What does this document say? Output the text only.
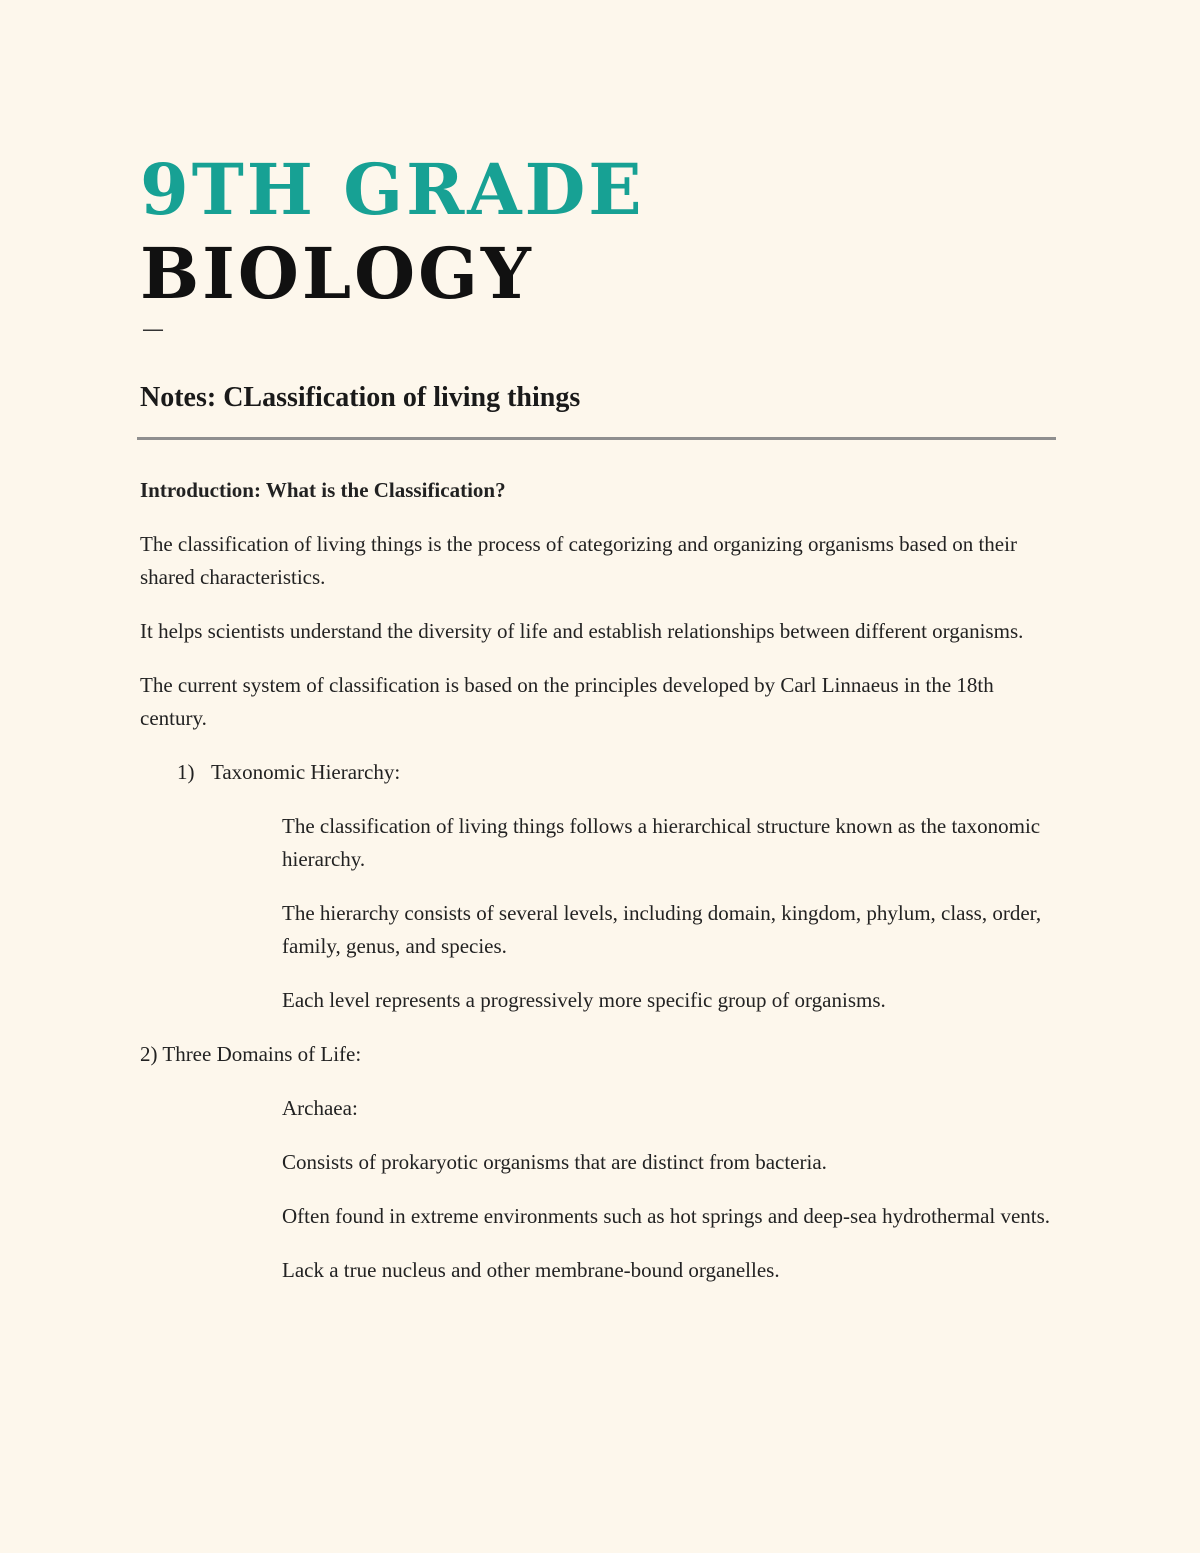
9TH GRADE
BIOLOGY
—
Notes: CLassification of living things

Introduction: What is the Classification?

The classification of living things is the process of categorizing and organizing organisms based on their shared characteristics.

It helps scientists understand the diversity of life and establish relationships between different organisms.

The current system of classification is based on the principles developed by Carl Linnaeus in the 18th century.

1) Taxonomic Hierarchy:

The classification of living things follows a hierarchical structure known as the taxonomic hierarchy.

The hierarchy consists of several levels, including domain, kingdom, phylum, class, order, family, genus, and species.

Each level represents a progressively more specific group of organisms.

2) Three Domains of Life:

Archaea:

Consists of prokaryotic organisms that are distinct from bacteria.

Often found in extreme environments such as hot springs and deep-sea hydrothermal vents.

Lack a true nucleus and other membrane-bound organelles.
